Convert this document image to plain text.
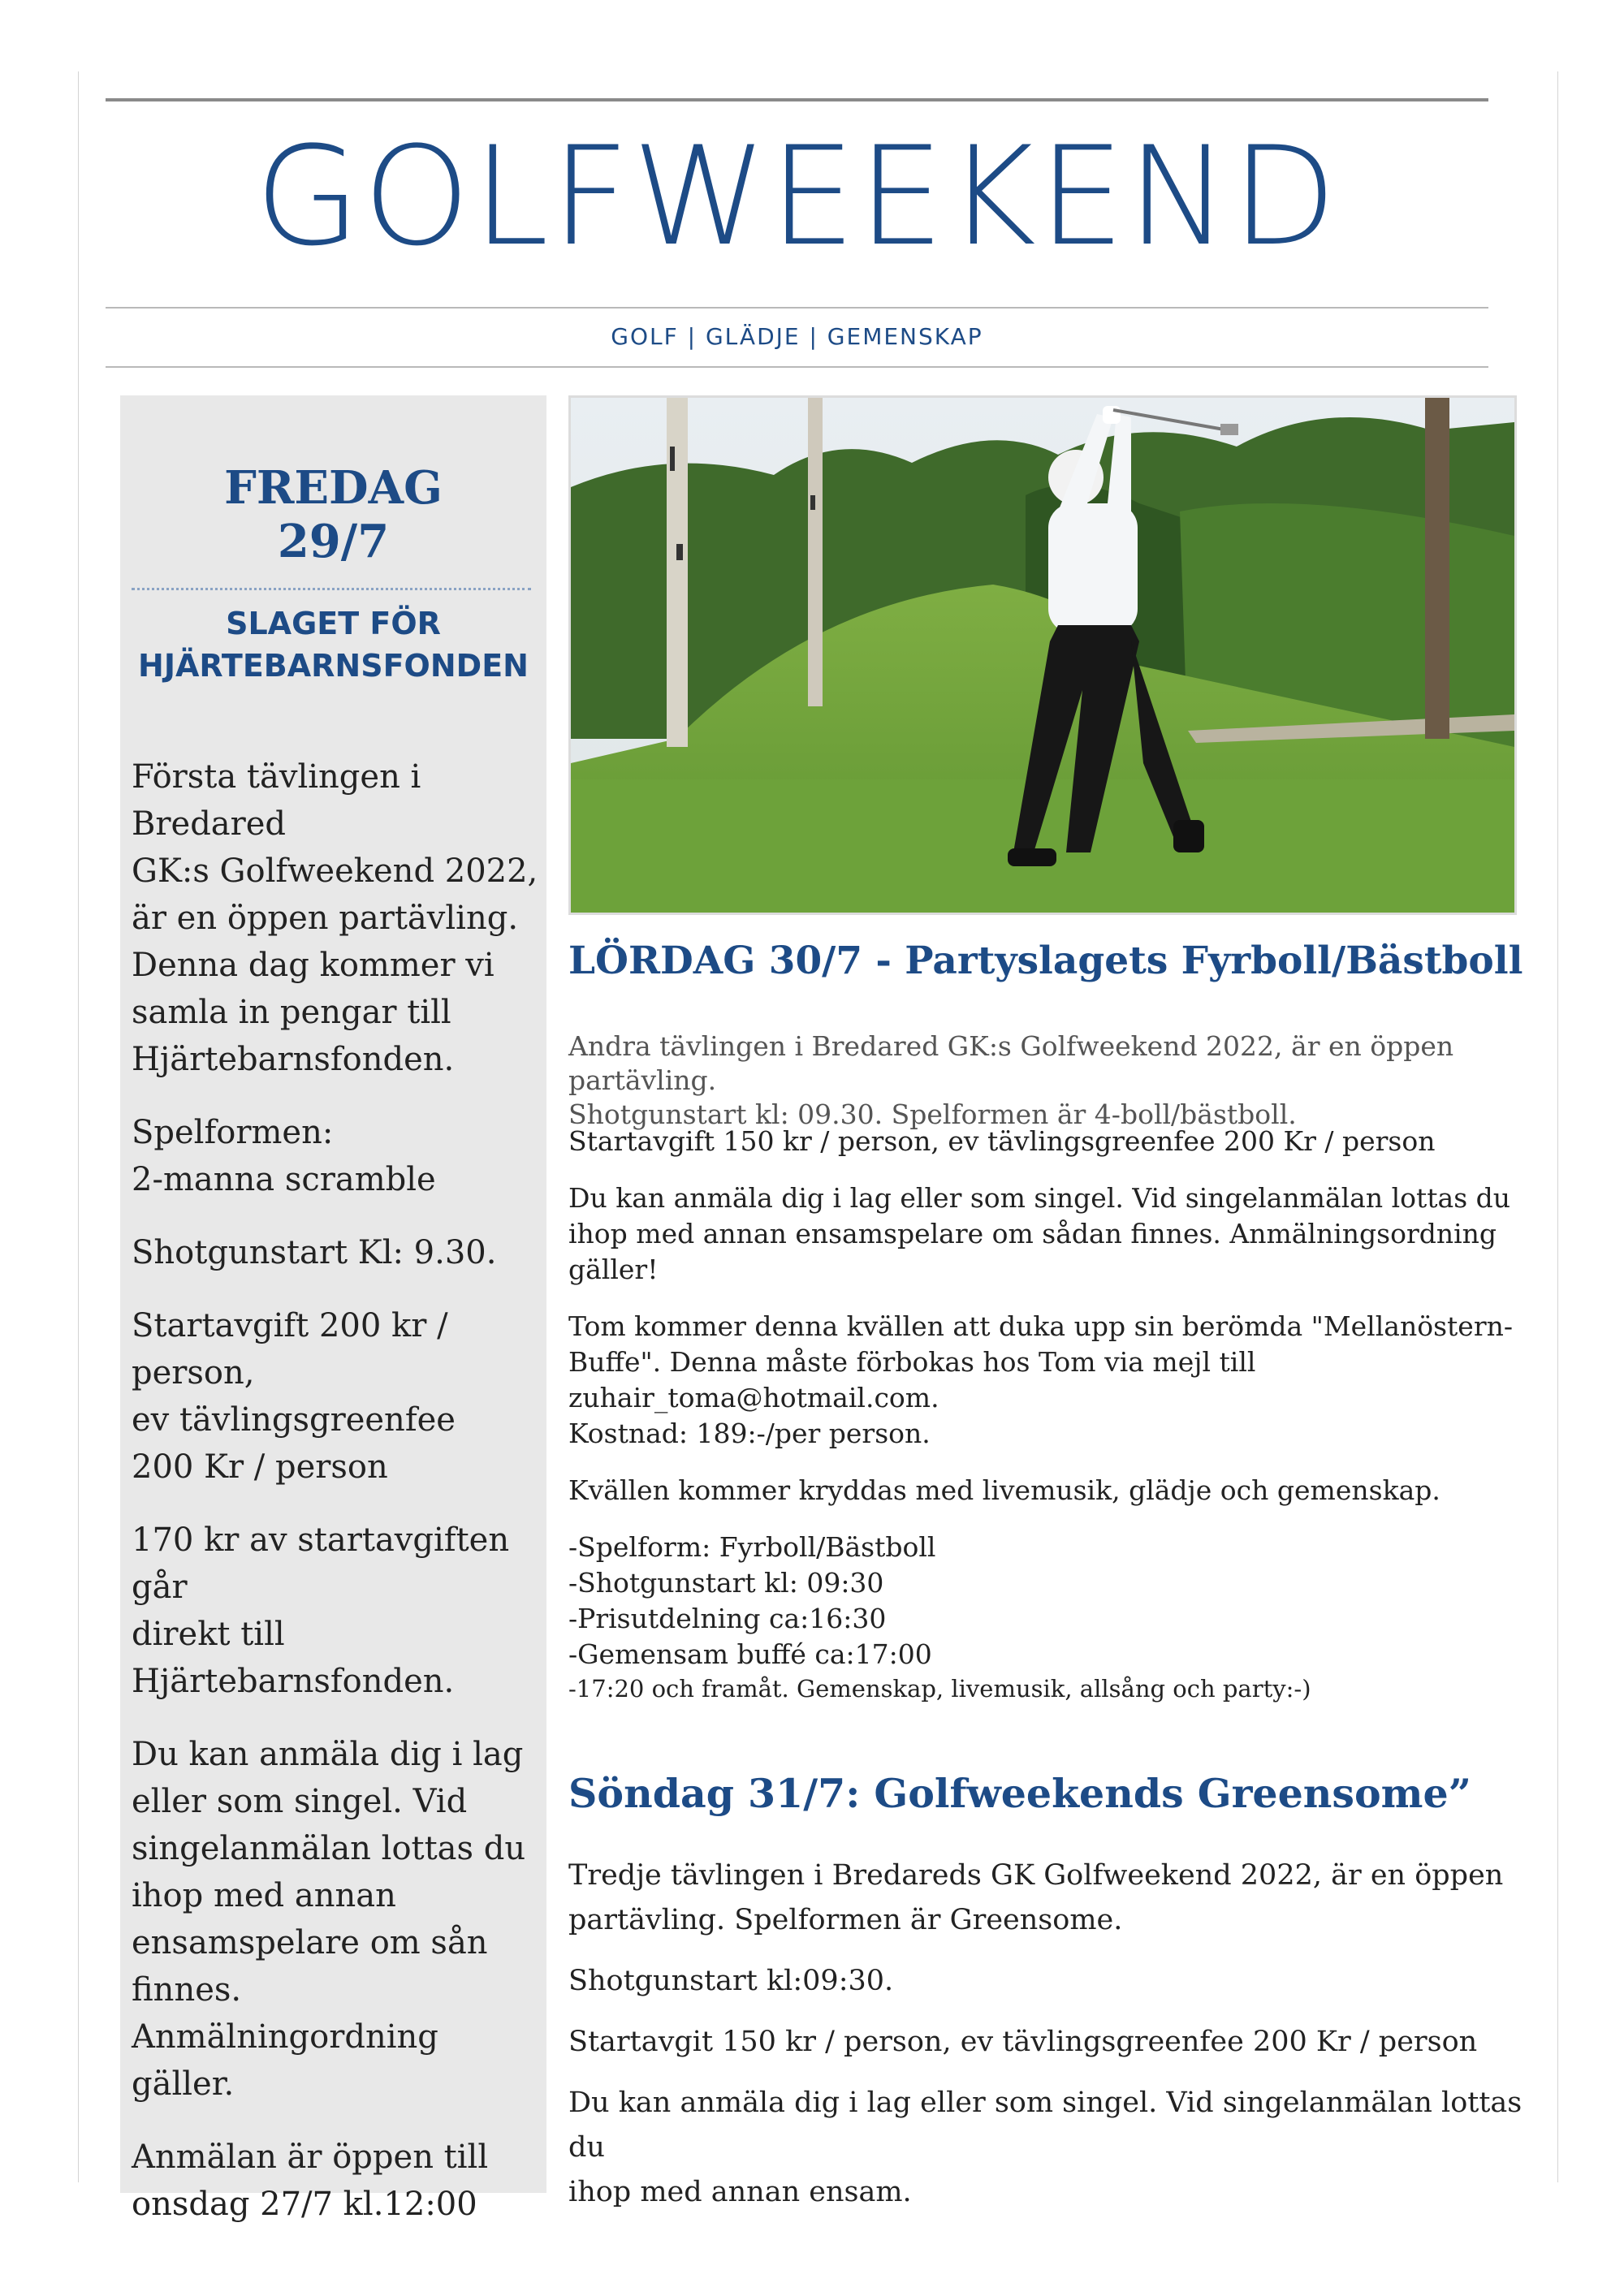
GOLFWEEKEND
GOLF | GLÄDJE | GEMENSKAP
FREDAG
29/7
SLAGET FÖR
HJÄRTEBARNSFONDEN

Första tävlingen i Bredared
GK:s Golfweekend 2022,
är en öppen partävling.
Denna dag kommer vi
samla in pengar till
Hjärtebarnsfonden.

Spelformen:
2-manna scramble

Shotgunstart Kl: 9.30.

Startavgift 200 kr / person,
ev tävlingsgreenfee
200 Kr / person

170 kr av startavgiften går
direkt till
Hjärtebarnsfonden.

Du kan anmäla dig i lag
eller som singel. Vid
singelanmälan lottas du
ihop med annan
ensamspelare om sån
finnes. Anmälningordning
gäller.

Anmälan är öppen till
onsdag 27/7 kl.12:00

LÖRDAG 30/7 - Partyslagets Fyrboll/Bästboll
Andra tävlingen i Bredared GK:s Golfweekend 2022, är en öppen partävling.
Shotgunstart kl: 09.30. Spelformen är 4-boll/bästboll.

Startavgift 150 kr / person, ev tävlingsgreenfee 200 Kr / person

Du kan anmäla dig i lag eller som singel. Vid singelanmälan lottas du
ihop med annan ensamspelare om sådan finnes. Anmälningsordning
gäller!

Tom kommer denna kvällen att duka upp sin berömda "Mellanöstern-
Buffe". Denna måste förbokas hos Tom via mejl till
zuhair_toma@hotmail.com.
Kostnad: 189:-/per person.

Kvällen kommer kryddas med livemusik, glädje och gemenskap.

-Spelform: Fyrboll/Bästboll
-Shotgunstart kl: 09:30
-Prisutdelning ca:16:30
-Gemensam buffé ca:17:00
-17:20 och framåt. Gemenskap, livemusik, allsång och party:-)
Söndag 31/7: Golfweekends Greensome”

Tredje tävlingen i Bredareds GK Golfweekend 2022, är en öppen
partävling. Spelformen är Greensome.

Shotgunstart kl:09:30.

Startavgit 150 kr / person, ev tävlingsgreenfee 200 Kr / person

Du kan anmäla dig i lag eller som singel. Vid singelanmälan lottas du
ihop med annan ensam.
